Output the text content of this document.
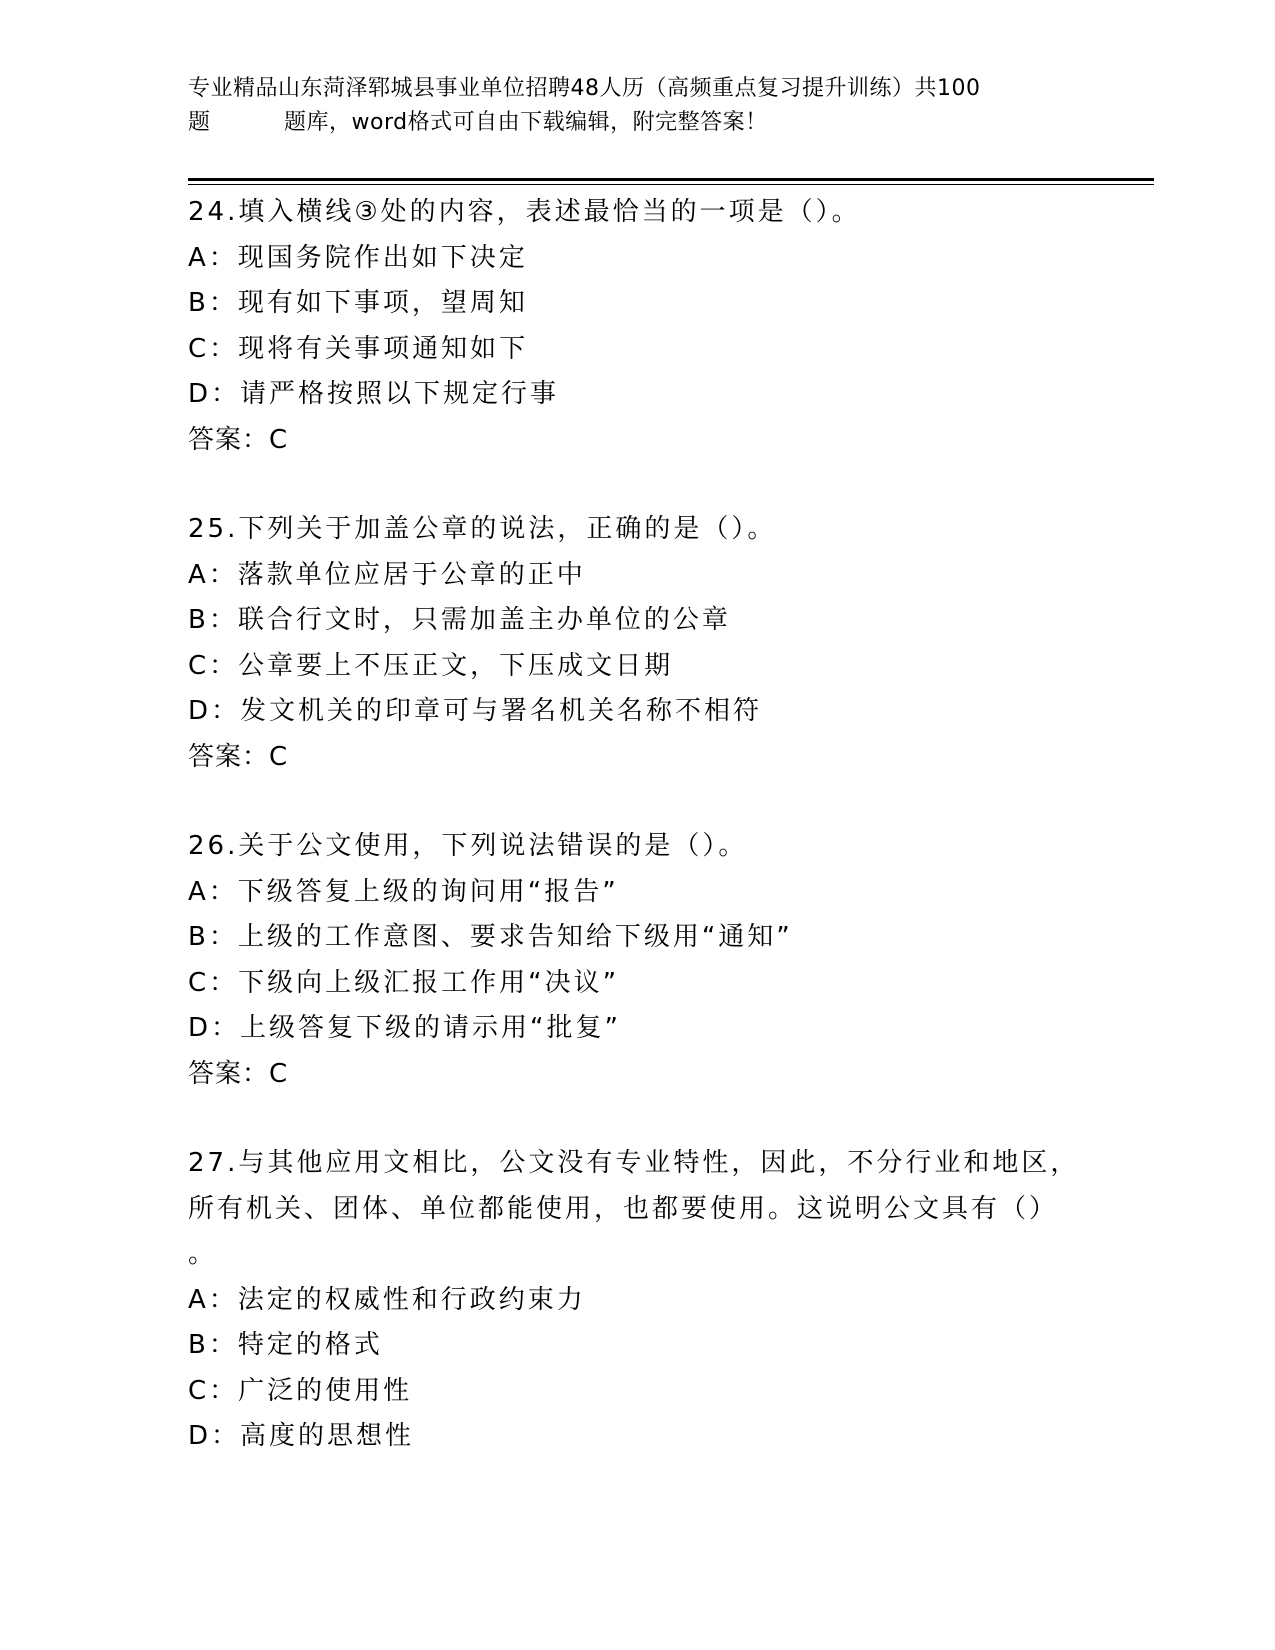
专业精品山东菏泽郓城县事业单位招聘48人历（高频重点复习提升训练）共100
题	题库，word格式可自由下载编辑，附完整答案！
24.填入横线③处的内容，表述最恰当的一项是（）。
A：现国务院作出如下决定
B：现有如下事项，望周知
C：现将有关事项通知如下
D：请严格按照以下规定行事
答案：C
25.下列关于加盖公章的说法，正确的是（）。
A：落款单位应居于公章的正中
B：联合行文时，只需加盖主办单位的公章
C：公章要上不压正文，下压成文日期
D：发文机关的印章可与署名机关名称不相符
答案：C
26.关于公文使用，下列说法错误的是（）。
A：下级答复上级的询问用“报告”
B：上级的工作意图、要求告知给下级用“通知”
C：下级向上级汇报工作用“决议”
D：上级答复下级的请示用“批复”
答案：C
27.与其他应用文相比，公文没有专业特性，因此，不分行业和地区，
所有机关、团体、单位都能使用，也都要使用。这说明公文具有（）
。
A：法定的权威性和行政约束力
B：特定的格式
C：广泛的使用性
D：高度的思想性
